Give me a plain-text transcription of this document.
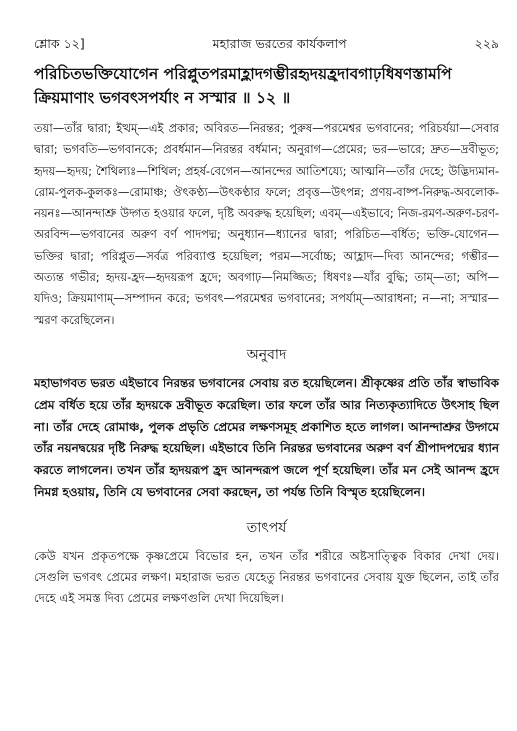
শ্লোক ১২]	মহারাজ ভরতের কার্যকলাপ	২২৯
পরিচিতভক্তিযোগেন পরিপ্লুতপরমাহ্লাদগম্ভীরহৃদয়হ্রদাবগাঢ়ধিষণস্তামপি ক্রিয়মাণাং ভগবৎসপর্যাং ন সস্মার ॥ ১২ ॥
তয়া—তাঁর দ্বারা; ইত্থম্—এই প্রকার; অবিরত—নিরন্তর; পুরুষ—পরমেশ্বর ভগবানের; পরিচর্যয়া—সেবার দ্বারা; ভগবতি—ভগবানকে; প্রবর্ধমান—নিরন্তর বর্ধমান; অনুরাগ—প্রেমের; ভর—ভারে; দ্রুত—দ্রবীভূত; হৃদয়—হৃদয়; শৈথিল্যঃ—শিথিল; প্রহর্ষ-বেগেন—আনন্দের আতিশয্যে; আত্মনি—তাঁর দেহে; উদ্ভিদ্যমান-রোম-পুলক-কুলকঃ—রোমাঞ্চ; ঔৎকণ্ঠ্য—উৎকণ্ঠার ফলে; প্রবৃত্ত—উৎপন্ন; প্রণয়-বাষ্প-নিরুদ্ধ-অবলোক-নয়নঃ—আনন্দাশ্রু উদ্গত হওয়ার ফলে, দৃষ্টি অবরুদ্ধ হয়েছিল; এবম্—এইভাবে; নিজ-রমণ-অরুণ-চরণ-অরবিন্দ—ভগবানের অরুণ বর্ণ পাদপদ্ম; অনুধ্যান—ধ্যানের দ্বারা; পরিচিত—বর্ধিত; ভক্তি-যোগেন—ভক্তির দ্বারা; পরিপ্লুত—সর্বত্র পরিব্যাপ্ত হয়েছিল; পরম—সর্বোচ্চ; আহ্লাদ—দিব্য আনন্দের; গম্ভীর—অত্যন্ত গভীর; হৃদয়-হ্রদ—হৃদয়রূপ হ্রদে; অবগাঢ়—নিমজ্জিত; ধিষণঃ—যাঁর বুদ্ধি; তাম্—তা; অপি—যদিও; ক্রিয়মাণাম্—সম্পাদন করে; ভগবৎ—পরমেশ্বর ভগবানের; সপর্যাম্—আরাধনা; ন—না; সস্মার—স্মরণ করেছিলেন।
অনুবাদ
মহাভাগবত ভরত এইভাবে নিরন্তর ভগবানের সেবায় রত হয়েছিলেন। শ্রীকৃষ্ণের প্রতি তাঁর স্বাভাবিক প্রেম বর্ধিত হয়ে তাঁর হৃদয়কে দ্রবীভূত করেছিল। তার ফলে তাঁর আর নিত্যকৃত্যাদিতে উৎসাহ ছিল না। তাঁর দেহে রোমাঞ্চ, পুলক প্রভৃতি প্রেমের লক্ষণসমূহ প্রকাশিত হতে লাগল। আনন্দাশ্রুর উদ্গমে তাঁর নয়নদ্বয়ের দৃষ্টি নিরুদ্ধ হয়েছিল। এইভাবে তিনি নিরন্তর ভগবানের অরুণ বর্ণ শ্রীপাদপদ্মের ধ্যান করতে লাগলেন। তখন তাঁর হৃদয়রূপ হ্রদ আনন্দরূপ জলে পূর্ণ হয়েছিল। তাঁর মন সেই আনন্দ হ্রদে নিমগ্ন হওয়ায়, তিনি যে ভগবানের সেবা করছেন, তা পর্যন্ত তিনি বিস্মৃত হয়েছিলেন।
তাৎপর্য
কেউ যখন প্রকৃতপক্ষে কৃষ্ণপ্রেমে বিভোর হন, তখন তাঁর শরীরে অষ্টসাত্ত্বিক বিকার দেখা দেয়। সেগুলি ভগবৎ প্রেমের লক্ষণ। মহারাজ ভরত যেহেতু নিরন্তর ভগবানের সেবায় যুক্ত ছিলেন, তাই তাঁর দেহে এই সমস্ত দিব্য প্রেমের লক্ষণগুলি দেখা দিয়েছিল।
